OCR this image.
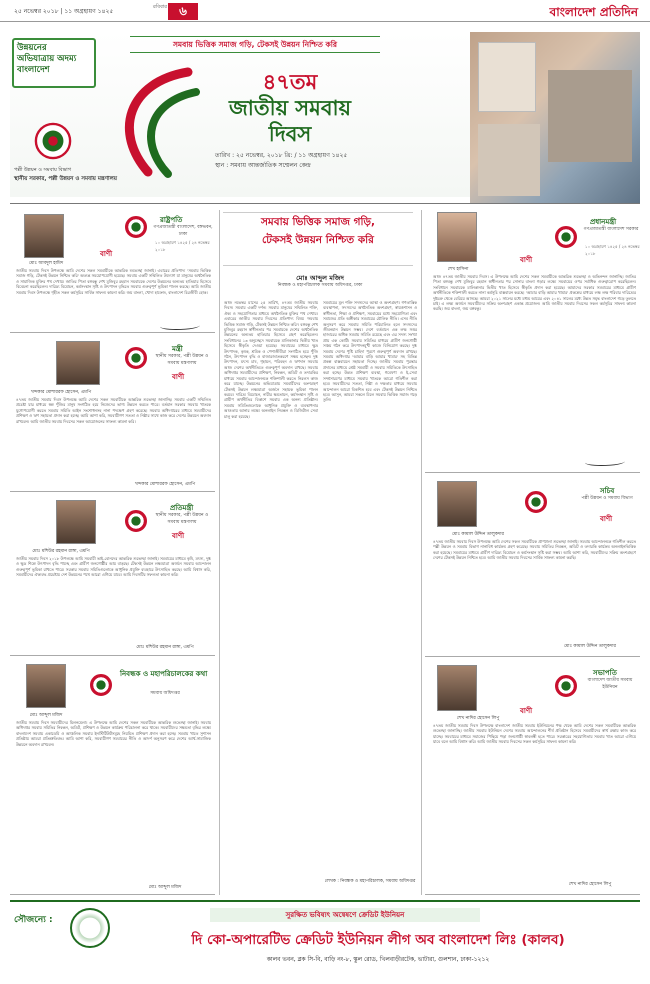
২৫ নভেম্বর ২০১৮ | ১১ অগ্রহায়ণ ১৪২৫
রবিবার	৬	বাংলাদেশ প্রতিদিন
উন্নয়নের
অভিযাত্রায় অদম্য
বাংলাদেশ
সমবায় ভিত্তিক সমাজ গড়ি, টেকসই উন্নয়ন নিশ্চিত করি
৪৭তম
জাতীয় সমবায়
দিবস
তারিখ : ২৫ নভেম্বর, ২০১৮ খ্রি: / ১১ অগ্রহায়ণ ১৪২৫
স্থান : সমবায় আন্তর্জাতিক সম্মেলন কেন্দ্র
পল্লী উন্নয়ন ও সমবায় বিভাগ
স্থানীয় সরকার, পল্লী উন্নয়ন ও সমবায় মন্ত্রণালয়
রাষ্ট্রপতি
গণপ্রজাতন্ত্রী বাংলাদেশ, বঙ্গভবন, ঢাকা
১০ অগ্রহায়ণ ১৪২৫ / ২৪ নভেম্বর ২০১৮
বাণী
মোঃ আবদুল হামিদ
জাতীয় সমবায় দিবস উপলক্ষে আমি দেশের সকল সমবায়ীকে আন্তরিক শুভেচ্ছা জানাই। এবারের প্রতিপাদ্য 'সমবায় ভিত্তিক সমাজ গড়ি, টেকসই উন্নয়ন নিশ্চিত করি' অত্যন্ত সময়োপযোগী হয়েছে। সমবায় একটি সম্মিলিত উদ্যোগ যা মানুষের অর্থনৈতিক ও সামাজিক মুক্তির পথ দেখায়। জাতির পিতা বঙ্গবন্ধু শেখ মুজিবুর রহমান সমবায়কে দেশের উন্নয়নের অন্যতম হাতিয়ার হিসেবে বিবেচনা করেছিলেন। দারিদ্র্য বিমোচন, কর্মসংস্থান সৃষ্টি ও উৎপাদন বৃদ্ধিতে সমবায় গুরুত্বপূর্ণ ভূমিকা পালন করছে। আমি জাতীয় সমবায় দিবস উপলক্ষে গৃহীত সকল কর্মসূচির সার্বিক সাফল্য কামনা করি। জয় বাংলা, খোদা হাফেজ, বাংলাদেশ চিরজীবী হোক।
মন্ত্রী
স্থানীয় সরকার, পল্লী উন্নয়ন ও সমবায় মন্ত্রণালয়
বাণী
খন্দকার মোশাররফ হোসেন, এমপি
৪৭তম জাতীয় সমবায় দিবস উপলক্ষে আমি দেশের সকল সমবায়ীকে আন্তরিক শুভেচ্ছা জানাচ্ছি। সমবায় একটি সম্মিলিত প্রচেষ্টা যার মাধ্যমে স্বল্প পুঁজির মানুষ সংগঠিত হয়ে নিজেদের ভাগ্য উন্নয়ন করতে পারে। বর্তমান সরকার সমবায় খাতকে যুগোপযোগী করতে সমবায় সমিতি আইন সংশোধনসহ নানা পদক্ষেপ গ্রহণ করেছে। সমবায় অধিদপ্তরের মাধ্যমে সমবায়ীদের প্রশিক্ষণ ও ঋণ সহায়তা প্রদান করা হচ্ছে। আমি আশা করি, সমবায়ীগণ সততা ও নিষ্ঠার সাথে কাজ করে দেশের উন্নয়নে অবদান রাখবেন। আমি জাতীয় সমবায় দিবসের সকল আয়োজনের সাফল্য কামনা করি।
খন্দকার মোশাররফ হোসেন, এমপি
প্রতিমন্ত্রী
স্থানীয় সরকার, পল্লী উন্নয়ন ও সমবায় মন্ত্রণালয়
বাণী
মোঃ মশিউর রহমান রাঙ্গা, এমপি
জাতীয় সমবায় দিবস ২০১৮ উপলক্ষে আমি সমবায়ী ভাই-বোনদের আন্তরিক শুভেচ্ছা জানাই। সমবায়ের মাধ্যমে কৃষি, মৎস্য, দুগ্ধ ও ক্ষুদ্র শিল্পে উৎপাদন বৃদ্ধি পাচ্ছে এবং গ্রামীণ জনগোষ্ঠীর আয় বাড়ছে। টেকসই উন্নয়ন লক্ষ্যমাত্রা অর্জনে সমবায় আন্দোলন গুরুত্বপূর্ণ ভূমিকা রাখতে পারে। সরকার সমবায় সমিতিগুলোকে আধুনিক প্রযুক্তি ব্যবহারে উৎসাহিত করছে। আমি বিশ্বাস করি, সমবায়ীদের ঐক্যবদ্ধ প্রচেষ্টায় দেশ উন্নয়নের পথে আরো এগিয়ে যাবে। আমি দিবসটির সফলতা কামনা করি।
মোঃ মশিউর রহমান রাঙ্গা, এমপি
নিবন্ধক ও মহাপরিচালকের কথা
সমবায় অধিদপ্তর
মোঃ আব্দুল মজিদ
জাতীয় সমবায় দিবস সমবায়ীদের মিলনমেলা। এ উপলক্ষে আমি দেশের সকল সমবায়ীকে আন্তরিক শুভেচ্ছা জানাই। সমবায় অধিদপ্তর সমবায় সমিতির নিবন্ধন, অডিট, প্রশিক্ষণ ও উন্নয়ন কার্যক্রম পরিচালনা করে থাকে। সমবায়ীদের সক্ষমতা বৃদ্ধির লক্ষ্যে বাংলাদেশ সমবায় একাডেমি ও আঞ্চলিক সমবায় ইনস্টিটিউটসমূহে নিয়মিত প্রশিক্ষণ প্রদান করা হচ্ছে। সমবায় খাতে সুশাসন প্রতিষ্ঠায় আমরা প্রতিশ্রুতিবদ্ধ। আমি আশা করি, সমবায়ীগণ সমবায়ের নীতি ও আদর্শ অনুসরণ করে দেশের আর্থ-সামাজিক উন্নয়নে অবদান রাখবেন।
মোঃ আব্দুল মজিদ
সমবায় ভিত্তিক সমাজ গড়ি,
টেকসই উন্নয়ন নিশ্চিত করি
মোঃ আব্দুল মজিদ
নিবন্ধক ও মহাপরিচালক সমবায় অধিদপ্তর, ঢাকা
আজ নভেম্বর মাসের ২৫ তারিখ, ৪৭তম জাতীয় সমবায় দিবস। সমবায় একটি দর্শন। সমবায় মানুষের সম্মিলিত শক্তি, ঐক্য ও সহযোগিতার মাধ্যমে অর্থনৈতিক মুক্তির পথ দেখায়। এবারের জাতীয় সমবায় দিবসের প্রতিপাদ্য বিষয় 'সমবায় ভিত্তিক সমাজ গড়ি, টেকসই উন্নয়ন নিশ্চিত করি'। বঙ্গবন্ধু শেখ মুজিবুর রহমান স্বাধীনতার পর সমবায়কে দেশের অর্থনৈতিক উন্নয়নের অন্যতম হাতিয়ার হিসেবে গ্রহণ করেছিলেন। সংবিধানের ১৩ অনুচ্ছেদে সমবায়কে মালিকানার দ্বিতীয় খাত হিসেবে স্বীকৃতি দেওয়া হয়েছে। সমবায়ের মাধ্যমে ক্ষুদ্র উৎপাদক, কৃষক, শ্রমিক ও পেশাজীবীরা সংগঠিত হয়ে পুঁজি গঠন, উৎপাদন বৃদ্ধি ও বাজারজাতকরণে সক্ষম হচ্ছেন। দুগ্ধ উৎপাদন, মৎস্য চাষ, গৃহায়ন, পরিবহন ও ঋণদান সমবায় আজ দেশের অর্থনীতিতে গুরুত্বপূর্ণ অবদান রাখছে। সমবায় অধিদপ্তর সমবায়ীদের প্রশিক্ষণ, নিবন্ধন, অডিট ও তদারকির মাধ্যমে সমবায় আন্দোলনকে শক্তিশালী করতে নিরলস কাজ করে যাচ্ছে। উন্নয়নের অভিযাত্রায় সমবায়ীদের অংশগ্রহণ টেকসই উন্নয়ন লক্ষ্যমাত্রা অর্জনে সহায়ক ভূমিকা পালন করবে। দারিদ্র্য বিমোচন, নারীর ক্ষমতায়ন, কর্মসংস্থান সৃষ্টি ও গ্রামীণ অর্থনীতির বিকাশে সমবায় এক অনন্য প্রতিষ্ঠান। সমবায় সমিতিগুলোকে আধুনিক প্রযুক্তি ও ব্যবস্থাপনার আওতায় আনার লক্ষ্যে অনলাইন নিবন্ধন ও ডিজিটাল সেবা চালু করা হয়েছে।
সমবায়ের মূল শক্তি সদস্যদের আস্থা ও অংশগ্রহণ। গণতান্ত্রিক ব্যবস্থাপনা, সদস্যদের অর্থনৈতিক অংশগ্রহণ, স্বায়ত্তশাসন ও স্বাধীনতা, শিক্ষা ও প্রশিক্ষণ, সমবায়ের মধ্যে সহযোগিতা এবং সমাজের প্রতি অঙ্গীকার সমবায়ের মৌলিক নীতি। এসব নীতি অনুসরণ করে সমবায় সমিতি পরিচালিত হলে সদস্যদের জীবনমান উন্নয়ন সম্ভব। দেশে বর্তমানে এক লক্ষ সত্তর হাজারের অধিক সমবায় সমিতি রয়েছে এবং এর সদস্য সংখ্যা প্রায় এক কোটি। সমবায় সমিতির মাধ্যমে গ্রামীণ জনগোষ্ঠী সঞ্চয় গঠন করে উৎপাদনমুখী কাজে বিনিয়োগ করছে। দুগ্ধ সমবায় দেশের পুষ্টি চাহিদা পূরণে গুরুত্বপূর্ণ অবদান রাখছে। সমবায় অধিদপ্তর 'আমার বাড়ি আমার খামার' সহ বিভিন্ন প্রকল্প বাস্তবায়নে সহায়তা দিচ্ছে। জাতীয় সমবায় পুরস্কার প্রদানের মাধ্যমে শ্রেষ্ঠ সমবায়ী ও সমবায় সমিতিকে উৎসাহিত করা হচ্ছে। উন্নত প্রশিক্ষণ ব্যবস্থা, গবেষণা ও ই-সেবা সম্প্রসারণের মাধ্যমে সমবায় খাতকে আরো গতিশীল করা হবে। সমবায়ীদের সততা, নিষ্ঠা ও দক্ষতার মাধ্যমে সমবায় আন্দোলন আরো বিকশিত হবে এবং টেকসই উন্নয়ন নিশ্চিত হবে। আসুন, আমরা সকলে মিলে সমবায় ভিত্তিক সমাজ গড়ে তুলি।
লেখক : নিবন্ধক ও মহাপরিচালক, সমবায় অধিদপ্তর
প্রধানমন্ত্রী
গণপ্রজাতন্ত্রী বাংলাদেশ সরকার
১০ অগ্রহায়ণ ১৪২৫ / ২৪ নভেম্বর ২০১৮
বাণী
শেখ হাসিনা
আজ ৪৭তম জাতীয় সমবায় দিবস। এ উপলক্ষে আমি দেশের সকল সমবায়ীকে আন্তরিক শুভেচ্ছা ও অভিনন্দন জানাচ্ছি। জাতির পিতা বঙ্গবন্ধু শেখ মুজিবুর রহমান স্বাধীনতার পর সোনার বাংলা গড়ার লক্ষ্যে সমবায়ের ওপর সর্বাধিক গুরুত্বারোপ করেছিলেন। সংবিধানে সমবায়কে মালিকানার দ্বিতীয় খাত হিসেবে স্বীকৃতি প্রদান করা হয়েছে। আমাদের সরকার সমবায়ের মাধ্যমে গ্রামীণ অর্থনীতিকে শক্তিশালী করতে নানা কর্মসূচি বাস্তবায়ন করছে। 'আমার বাড়ি আমার খামার' প্রকল্পের মাধ্যমে লক্ষ লক্ষ পরিবার দারিদ্র্যের দুষ্টচক্র থেকে বেরিয়ে আসছে। আমরা ২০২১ সালের মধ্যে মধ্যম আয়ের এবং ২০৪১ সালের মধ্যে উন্নত সমৃদ্ধ বাংলাদেশ গড়ে তুলতে চাই। এ লক্ষ্য অর্জনে সমবায়ীদের সক্রিয় অংশগ্রহণ একান্ত প্রয়োজন। আমি জাতীয় সমবায় দিবসের সকল কর্মসূচির সাফল্য কামনা করছি। জয় বাংলা, জয় বঙ্গবন্ধু।
সচিব
পল্লী উন্নয়ন ও সমবায় বিভাগ
বাণী
মোঃ কামাল উদ্দিন তালুকদার
৪৭তম জাতীয় সমবায় দিবস উপলক্ষে আমি দেশের সকল সমবায়ীকে প্রাণঢালা শুভেচ্ছা জানাই। সমবায় আন্দোলনকে গতিশীল করতে পল্লী উন্নয়ন ও সমবায় বিভাগ নানাবিধ কার্যক্রম গ্রহণ করেছে। সমবায় সমিতির নিবন্ধন, অডিট ও তদারকি কার্যক্রম অনলাইনভিত্তিক করা হয়েছে। সমবায়ের মাধ্যমে গ্রামীণ দারিদ্র্য বিমোচন ও কর্মসংস্থান সৃষ্টি করা সম্ভব। আমি আশা করি, সমবায়ীদের সক্রিয় অংশগ্রহণে দেশের টেকসই উন্নয়ন নিশ্চিত হবে। আমি জাতীয় সমবায় দিবসের সার্বিক সাফল্য কামনা করছি।
মোঃ কামাল উদ্দিন তালুকদার
সভাপতি
বাংলাদেশ জাতীয় সমবায় ইউনিয়ন
বাণী
শেখ নাদির হোসেন লিপু
৪৭তম জাতীয় সমবায় দিবস উপলক্ষে বাংলাদেশ জাতীয় সমবায় ইউনিয়নের পক্ষ থেকে আমি দেশের সকল সমবায়ীকে আন্তরিক শুভেচ্ছা জানাচ্ছি। জাতীয় সমবায় ইউনিয়ন দেশের সমবায় আন্দোলনের শীর্ষ প্রতিষ্ঠান হিসেবে সমবায়ীদের স্বার্থ রক্ষায় কাজ করে যাচ্ছে। সমবায়ের মাধ্যমে সমাজের পিছিয়ে পড়া জনগোষ্ঠী স্বাবলম্বী হতে পারে। সরকারের সহযোগিতায় সমবায় খাত আরো এগিয়ে যাবে বলে আমি বিশ্বাস করি। আমি জাতীয় সমবায় দিবসের সকল কর্মসূচির সাফল্য কামনা করি।
শেখ নাদির হোসেন লিপু
সৌজন্যে :	সুরক্ষিত ভবিষ্যৎ অন্বেষণে ক্রেডিট ইউনিয়ন
দি কো-অপারেটিভ ক্রেডিট ইউনিয়ন লীগ অব বাংলাদেশ লিঃ (কালব)
কালব ভবন, ব্লক সি-বি, বাড়ি নং-৮, স্কুল রোড, খিলবাড়ীরটেক, ভাটারা, গুলশান, ঢাকা-১২১২
